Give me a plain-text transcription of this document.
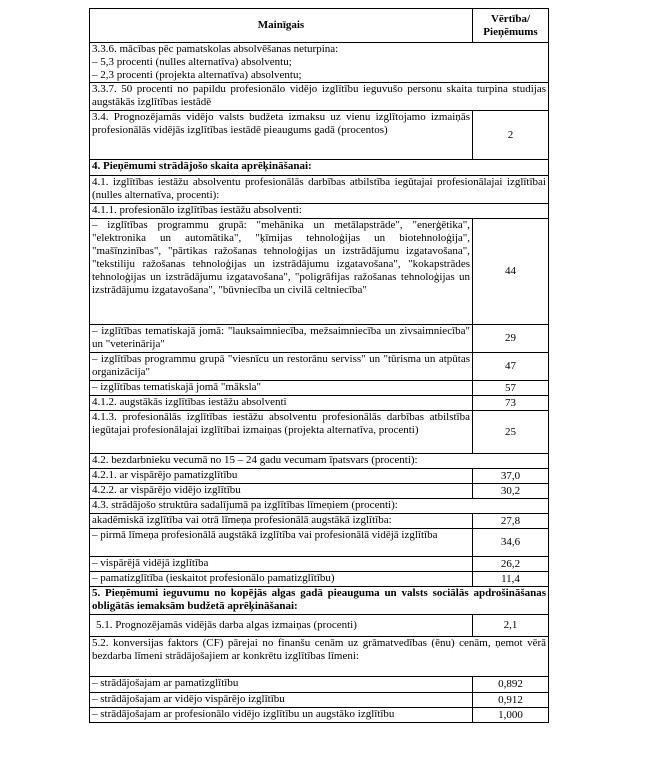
Mainīgais	Vērtība/ Pieņēmums
3.3.6. mācības pēc pamatskolas absolvēšanas neturpina:
– 5,3 procenti (nulles alternatīva) absolventu;
– 2,3 procenti (projekta alternatīva) absolventu;	
3.3.7. 50 procenti no papildu profesionālo vidējo izglītību ieguvušo personu skaita turpina studijas augstākās izglītības iestādē	
3.4. Prognozējamās vidējo valsts budžeta izmaksu uz vienu izglītojamo izmaiņās profesionālās vidējās izglītības iestādē pieaugums gadā (procentos)	2
4. Pieņēmumi strādājošo skaita aprēķināšanai:	
4.1. izglītības iestāžu absolventu profesionālās darbības atbilstība iegūtajai profesionālajai izglītībai (nulles alternatīva, procenti):	
4.1.1. profesionālo izglītības iestāžu absolventi:	
– izglītības programmu grupā: "mehānika un metālapstrāde", "enerģētika", "elektronika un automātika", "ķīmijas tehnoloģijas un biotehnoloģija", "mašīnzinības", "pārtikas ražošanas tehnoloģijas un izstrādājumu izgatavošana", "tekstiliju ražošanas tehnoloģijas un izstrādājumu izgatavošana", "kokapstrādes tehnoloģijas un izstrādājumu izgatavošana", "poligrāfijas ražošanas tehnoloģijas un izstrādājumu izgatavošana", "būvniecība un civilā celtniecība"	44
– izglītības tematiskajā jomā: "lauksaimniecība, mežsaimniecība un zivsaimniecība" un "veterinārija"	29
– izglītības programmu grupā "viesnīcu un restorānu serviss" un "tūrisma un atpūtas organizācija"	47
– izglītības tematiskajā jomā "māksla"	57
4.1.2. augstākās izglītības iestāžu absolventi	73
4.1.3. profesionālās izglītības iestāžu absolventu profesionālās darbības atbilstība iegūtajai profesionālajai izglītībai izmaiņas (projekta alternatīva, procenti)	25
4.2. bezdarbnieku vecumā no 15 – 24 gadu vecumam īpatsvars (procenti):	
4.2.1. ar vispārējo pamatizglītību	37,0
4.2.2. ar vispārējo vidējo izglītību	30,2
4.3. strādājošo struktūra sadalījumā pa izglītības līmeņiem (procenti):	
akadēmiskā izglītība vai otrā līmeņa profesionālā augstākā izglītība:	27,8
– pirmā līmeņa profesionālā augstākā izglītība vai profesionālā vidējā izglītība	34,6
– vispārējā vidējā izglītība	26,2
– pamatizglītība (ieskaitot profesionālo pamatizglītību)	11,4
5. Pieņēmumi ieguvumu no kopējās algas gadā pieauguma un valsts sociālās apdrošināšanas obligātās iemaksām budžetā aprēķināšanai:	
5.1. Prognozējamās vidējās darba algas izmaiņas (procenti)	2,1
5.2. konversijas faktors (CF) pārejai no finanšu cenām uz grāmatvedības (ēnu) cenām, ņemot vērā bezdarba līmeni strādājošajiem ar konkrētu izglītības līmeni:	
– strādājošajam ar pamatizglītību	0,892
– strādājošajam ar vidējo vispārējo izglītību	0,912
– strādājošajam ar profesionālo vidējo izglītību un augstāko izglītību	1,000
